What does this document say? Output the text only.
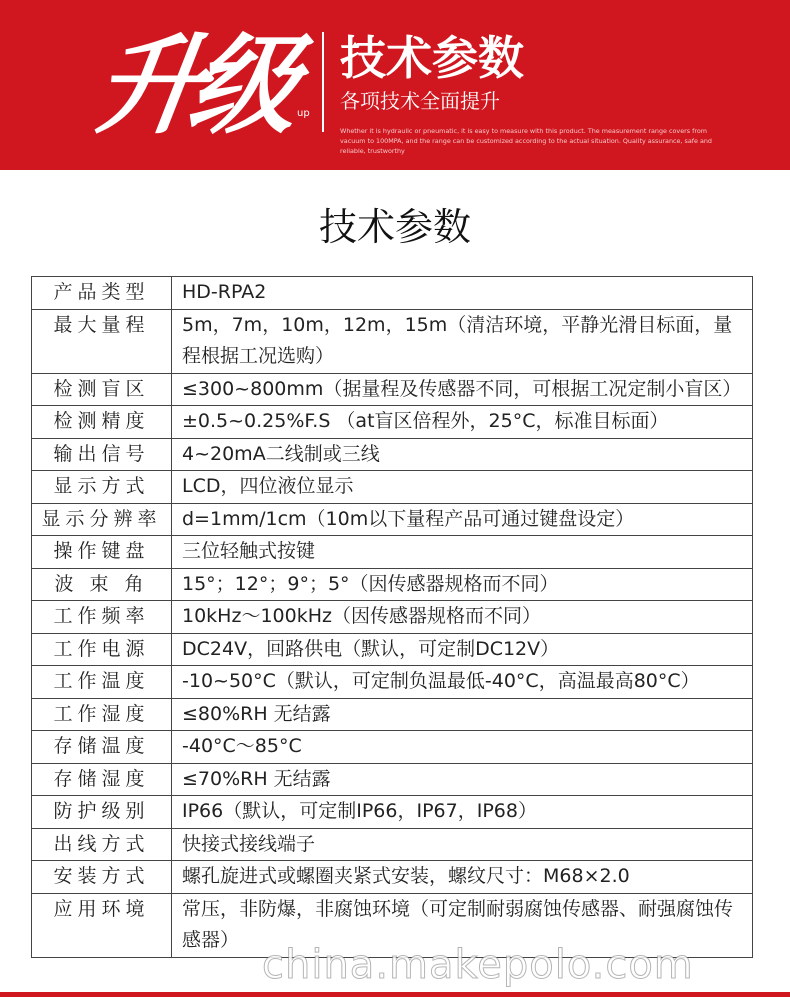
升级 up
技术参数
各项技术全面提升
Whether it is hydraulic or pneumatic, it is easy to measure with this product. The measurement range covers from vacuum to 100MPA, and the range can be customized according to the actual situation. Quality assurance, safe and reliable, trustworthy
技术参数
产品类型	HD-RPA2
最大量程	5m，7m，10m，12m，15m（清洁环境，平静光滑目标面，量程根据工况选购）
检测盲区	≤300~800mm（据量程及传感器不同，可根据工况定制小盲区）
检测精度	±0.5~0.25%F.S （at盲区倍程外，25°C，标准目标面）
输出信号	4~20mA二线制或三线
显示方式	LCD，四位液位显示
显示分辨率	d=1mm/1cm（10m以下量程产品可通过键盘设定）
操作键盘	三位轻触式按键
波 束 角	15°；12°；9°；5°（因传感器规格而不同）
工作频率	10kHz～100kHz（因传感器规格而不同）
工作电源	DC24V，回路供电（默认，可定制DC12V）
工作温度	-10~50°C（默认，可定制负温最低-40°C，高温最高80°C）
工作湿度	≤80%RH 无结露
存储温度	-40°C～85°C
存储湿度	≤70%RH 无结露
防护级别	IP66（默认，可定制IP66，IP67，IP68）
出线方式	快接式接线端子
安装方式	螺孔旋进式或螺圈夹紧式安装，螺纹尺寸：M68×2.0
应用环境	常压，非防爆，非腐蚀环境（可定制耐弱腐蚀传感器、耐强腐蚀传感器）
china.makepolo.com
